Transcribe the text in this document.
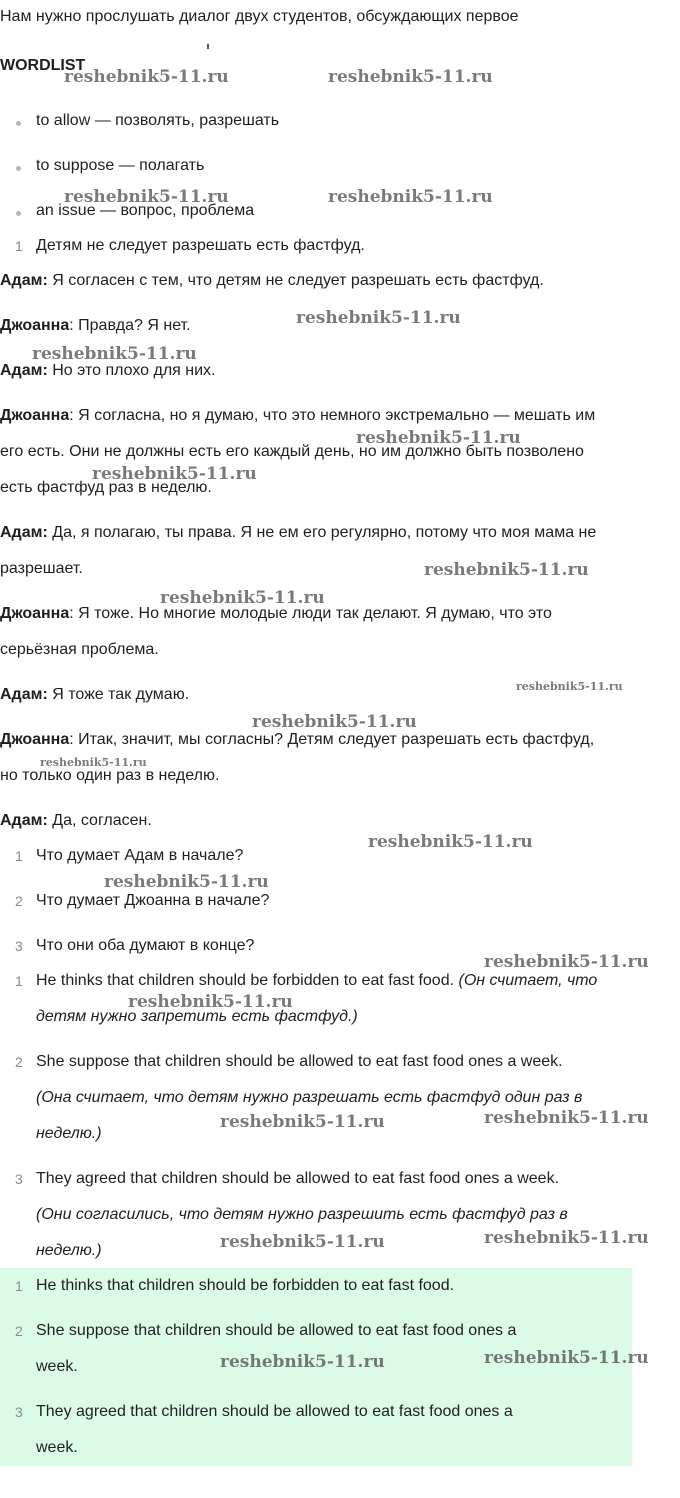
Нам нужно прослушать диалог двух студентов, обсуждающих первое
WORDLIST
to allow — позволять, разрешать
to suppose — полагать
an issue — вопрос, проблема
1 Детям не следует разрешать есть фастфуд.
Адам: Я согласен с тем, что детям не следует разрешать есть фастфуд.
Джоанна: Правда? Я нет.
Адам: Но это плохо для них.
Джоанна: Я согласна, но я думаю, что это немного экстремально — мешать им
его есть. Они не должны есть его каждый день, но им должно быть позволено
есть фастфуд раз в неделю.
Адам: Да, я полагаю, ты права. Я не ем его регулярно, потому что моя мама не
разрешает.
Джоанна: Я тоже. Но многие молодые люди так делают. Я думаю, что это
серьёзная проблема.
Адам: Я тоже так думаю.
Джоанна: Итак, значит, мы согласны? Детям следует разрешать есть фастфуд,
но только один раз в неделю.
Адам: Да, согласен.
1 Что думает Адам в начале?
2 Что думает Джоанна в начале?
3 Что они оба думают в конце?
1 He thinks that children should be forbidden to eat fast food. (Он считает, что
детям нужно запретить есть фастфуд.)
2 She suppose that children should be allowed to eat fast food ones a week.
(Она считает, что детям нужно разрешать есть фастфуд один раз в
неделю.)
3 They agreed that children should be allowed to eat fast food ones a week.
(Они согласились, что детям нужно разрешить есть фастфуд раз в
неделю.)
1 He thinks that children should be forbidden to eat fast food.
2 She suppose that children should be allowed to eat fast food ones a
week.
3 They agreed that children should be allowed to eat fast food ones a
week.
reshebnik5-11.ru	reshebnik5-11.ru
reshebnik5-11.ru	reshebnik5-11.ru
reshebnik5-11.ru
reshebnik5-11.ru
reshebnik5-11.ru
reshebnik5-11.ru
reshebnik5-11.ru
reshebnik5-11.ru
reshebnik5-11.ru
reshebnik5-11.ru
reshebnik5-11.ru
reshebnik5-11.ru
reshebnik5-11.ru
reshebnik5-11.ru
reshebnik5-11.ru
reshebnik5-11.ru	reshebnik5-11.ru
reshebnik5-11.ru	reshebnik5-11.ru
reshebnik5-11.ru	reshebnik5-11.ru
